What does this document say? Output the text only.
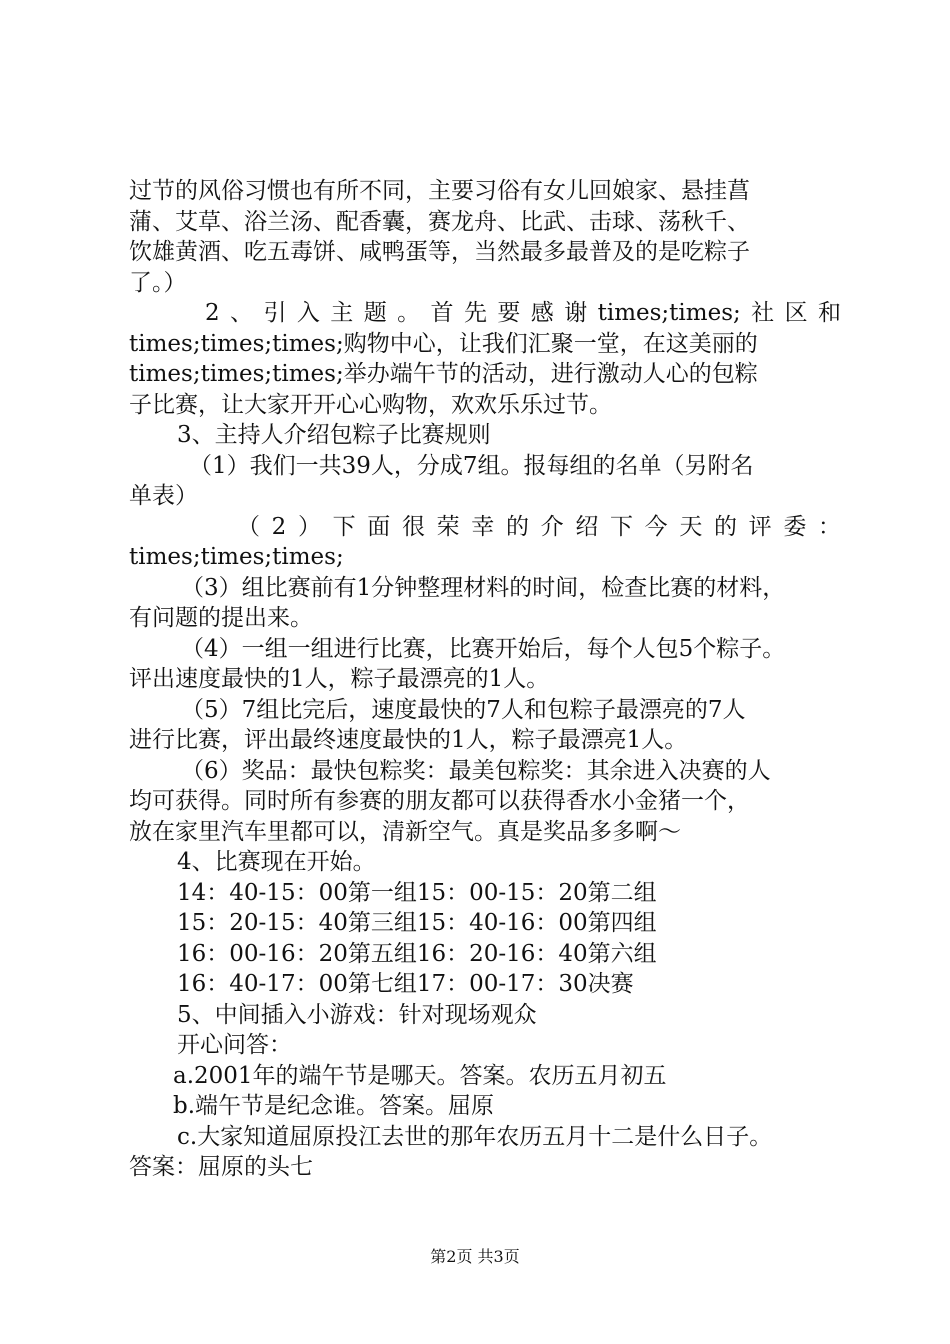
过节的风俗习惯也有所不同，主要习俗有女儿回娘家、悬挂菖
蒲、艾草、浴兰汤、配香囊，赛龙舟、比武、击球、荡秋千、
饮雄黄酒、吃五毒饼、咸鸭蛋等，当然最多最普及的是吃粽子
了。）
2、引入主题。首先要感谢times;times;社区和
times;times;times;购物中心，让我们汇聚一堂，在这美丽的
times;times;times;举办端午节的活动，进行激动人心的包粽
子比赛，让大家开开心心购物，欢欢乐乐过节。
3、主持人介绍包粽子比赛规则
（1）我们一共39人，分成7组。报每组的名单（另附名
单表）
（2）下面很荣幸的介绍下今天的评委：
times;times;times;
（3）组比赛前有1分钟整理材料的时间，检查比赛的材料，
有问题的提出来。
（4）一组一组进行比赛，比赛开始后，每个人包5个粽子。
评出速度最快的1人，粽子最漂亮的1人。
（5）7组比完后，速度最快的7人和包粽子最漂亮的7人
进行比赛，评出最终速度最快的1人，粽子最漂亮1人。
（6）奖品：最快包粽奖：最美包粽奖：其余进入决赛的人
均可获得。同时所有参赛的朋友都可以获得香水小金猪一个，
放在家里汽车里都可以，清新空气。真是奖品多多啊～
4、比赛现在开始。
14：40-15：00第一组15：00-15：20第二组
15：20-15：40第三组15：40-16：00第四组
16：00-16：20第五组16：20-16：40第六组
16：40-17：00第七组17：00-17：30决赛
5、中间插入小游戏：针对现场观众
开心问答：
a.2001年的端午节是哪天。答案。农历五月初五
b.端午节是纪念谁。答案。屈原
c.大家知道屈原投江去世的那年农历五月十二是什么日子。
答案：屈原的头七
第2页 共3页
